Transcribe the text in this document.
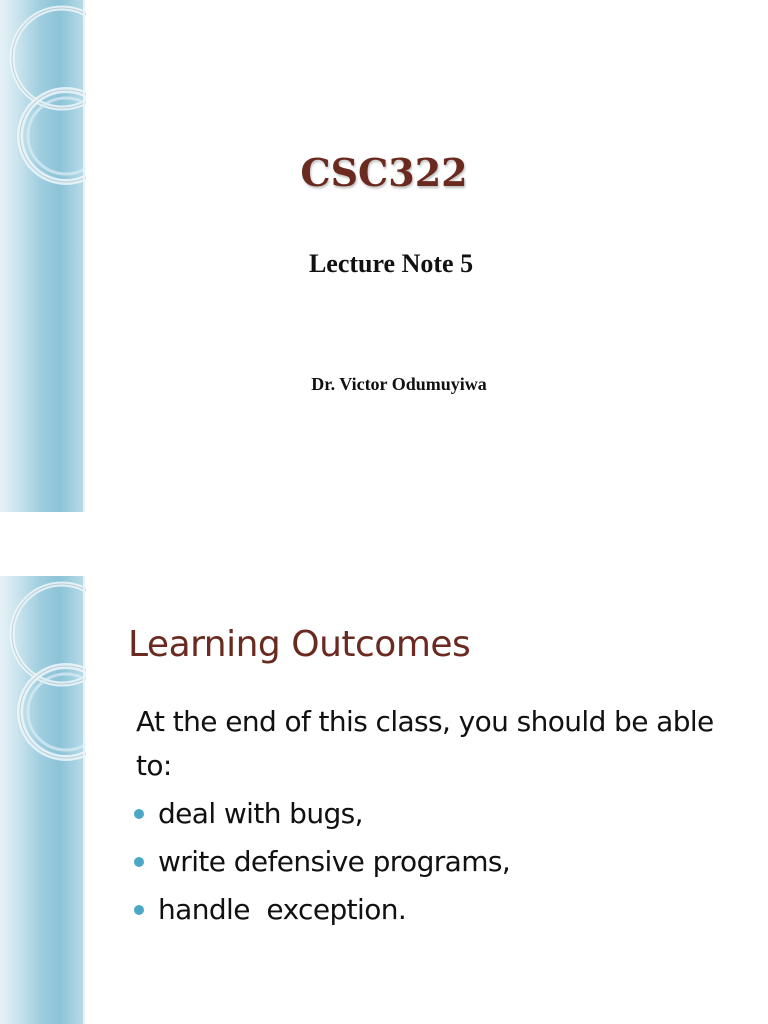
CSC322
Lecture Note 5
Dr. Victor Odumuyiwa
Learning Outcomes
At the end of this class, you should be able to:
deal with bugs,
write defensive programs,
handle  exception.
